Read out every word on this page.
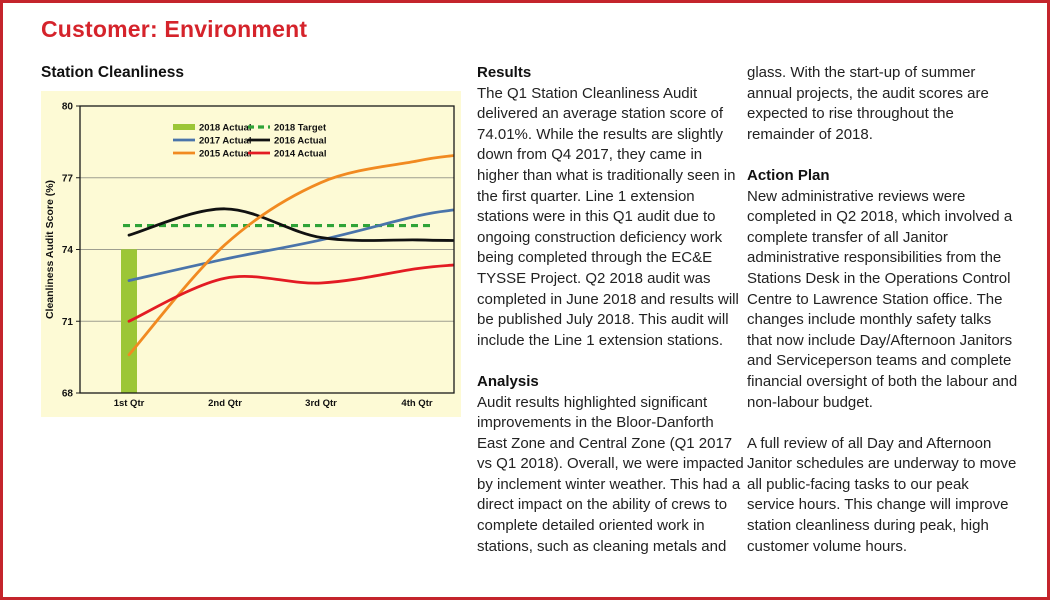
Customer: Environment
Station Cleanliness
68
71
74
77
80
1st Qtr	2nd Qtr	3rd Qtr	4th Qtr
Cleanliness Audit Score (%)
2018 Actual 2018 Target
2017 Actual 2016 Actual
2015 Actual 2014 Actual
Results

The Q1 Station Cleanliness Audit delivered an average station score of 74.01%. While the results are slightly down from Q4 2017, they came in higher than what is traditionally seen in the first quarter. Line 1 extension stations were in this Q1 audit due to ongoing construction deficiency work being completed through the EC&E TYSSE Project. Q2 2018 audit was completed in June 2018 and results will be published July 2018. This audit will include the Line 1 extension stations.

Analysis

Audit results highlighted significant improvements in the Bloor-Danforth East Zone and Central Zone (Q1 2017 vs Q1 2018). Overall, we were impacted by inclement winter weather. This had a direct impact on the ability of crews to complete detailed oriented work in stations, such as cleaning metals and

glass. With the start-up of summer annual projects, the audit scores are expected to rise throughout the remainder of 2018.

Action Plan

New administrative reviews were completed in Q2 2018, which involved a complete transfer of all Janitor administrative responsibilities from the Stations Desk in the Operations Control Centre to Lawrence Station office. The changes include monthly safety talks that now include Day/Afternoon Janitors and Serviceperson teams and complete financial oversight of both the labour and non-labour budget.

A full review of all Day and Afternoon Janitor schedules are underway to move all public-facing tasks to our peak service hours. This change will improve station cleanliness during peak, high customer volume hours.
